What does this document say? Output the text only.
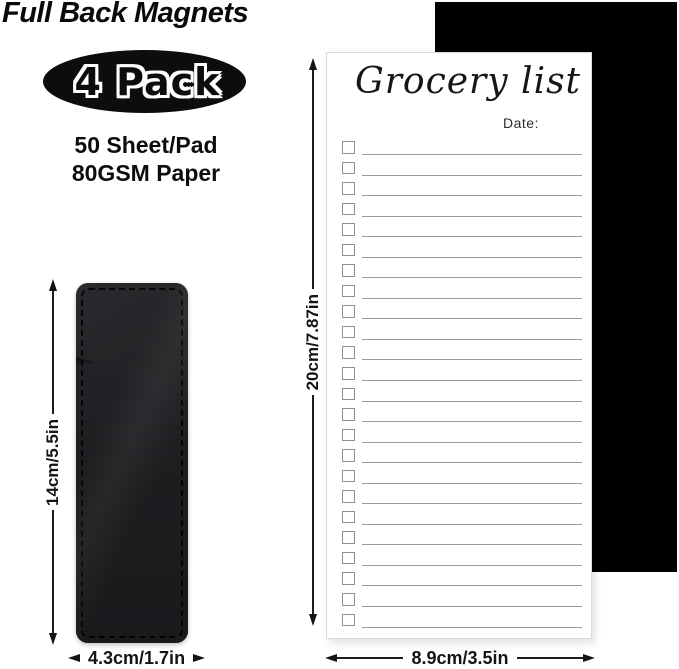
Full Back Magnets
4 Pack
50 Sheet/Pad
80GSM Paper
14cm/5.5in
4.3cm/1.7in
20cm/7.87in
Grocery list
Date:
8.9cm/3.5in
